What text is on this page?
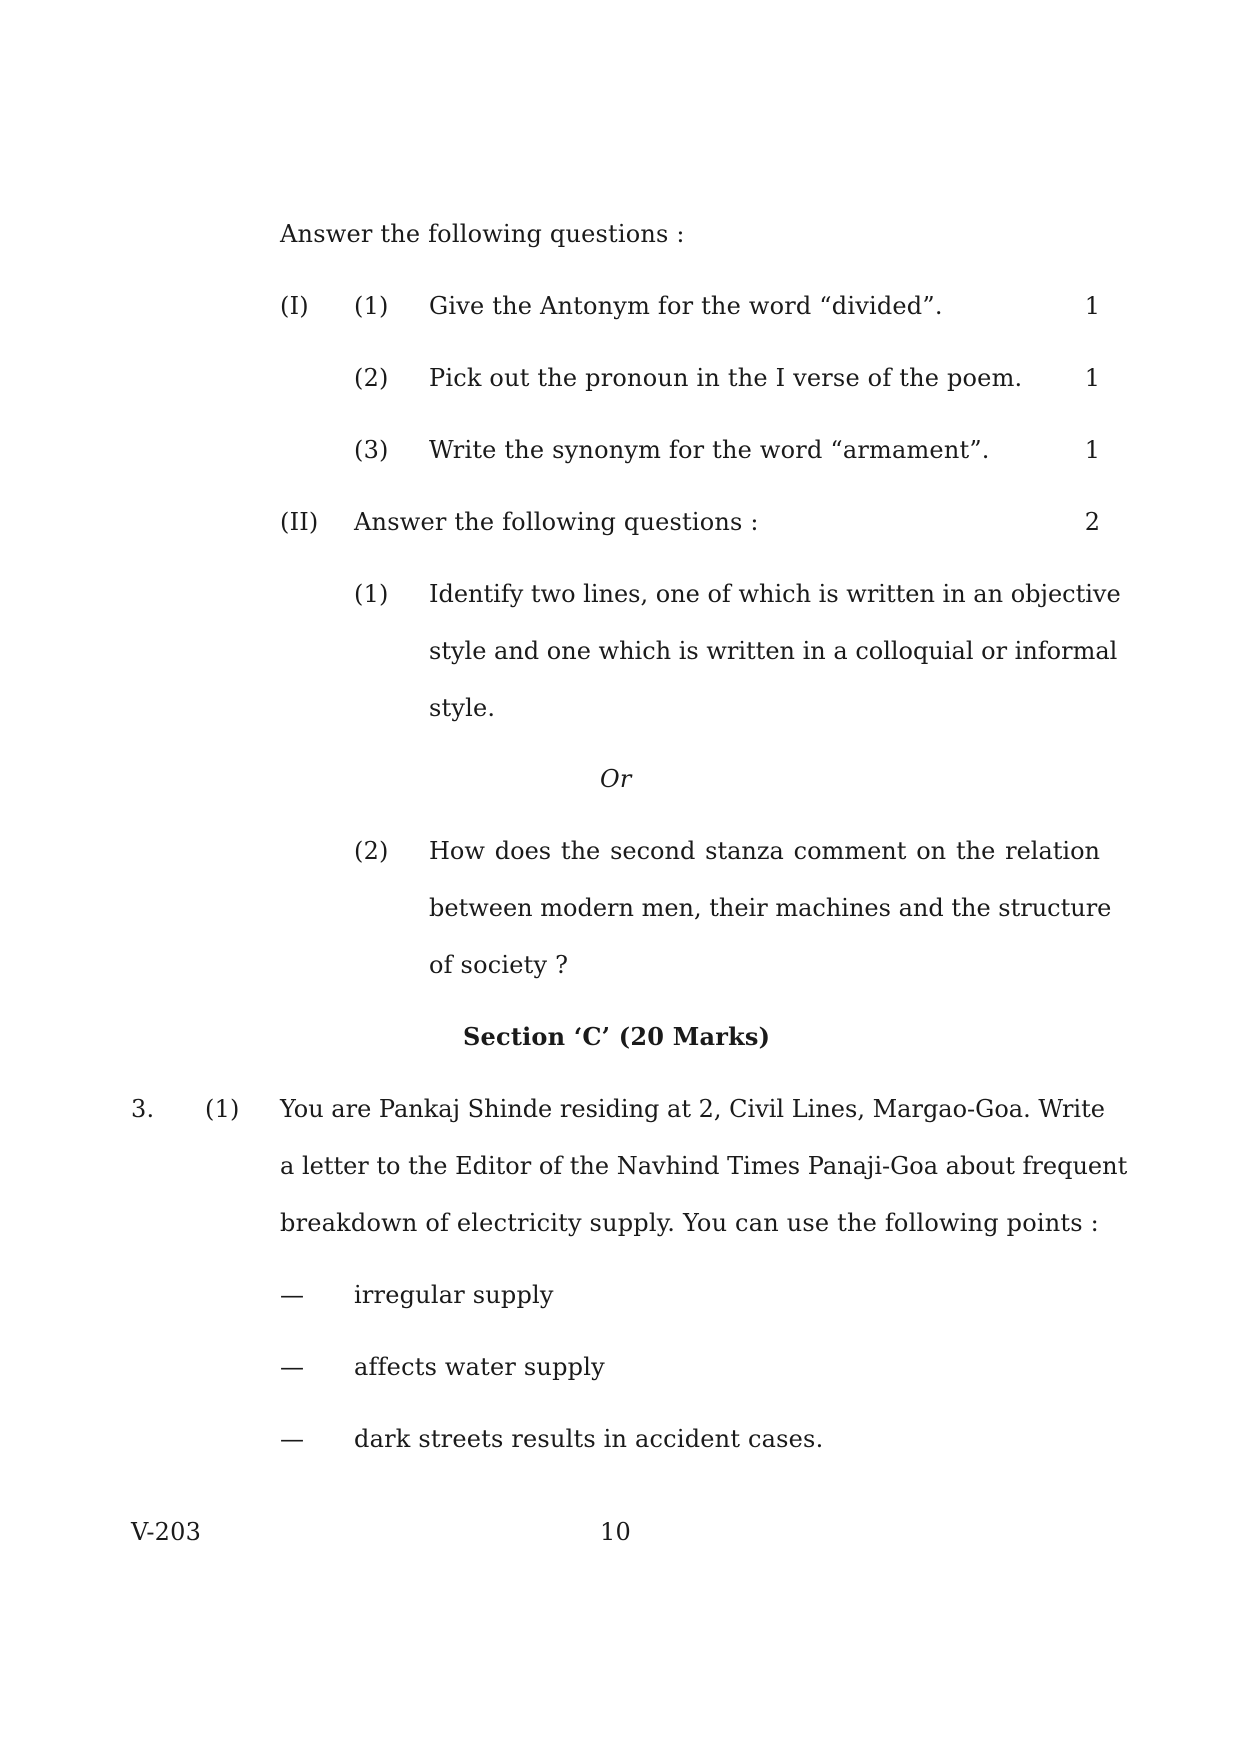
Answer the following questions :
(I) (1) Give the Antonym for the word “divided”.	1
(2) Pick out the pronoun in the I verse of the poem.	1
(3) Write the synonym for the word “armament”.	1
(II) Answer the following questions :	2
(1) Identify two lines, one of which is written in an objective
style and one which is written in a colloquial or informal
style.
Or
(2) How does the second stanza comment on the relation
between modern men, their machines and the structure
of society ?
Section ‘C’ (20 Marks)
3. (1) You are Pankaj Shinde residing at 2, Civil Lines, Margao-Goa. Write
a letter to the Editor of the Navhind Times Panaji-Goa about frequent
breakdown of electricity supply. You can use the following points :
— irregular supply
— affects water supply
— dark streets results in accident cases.
V-203	10
